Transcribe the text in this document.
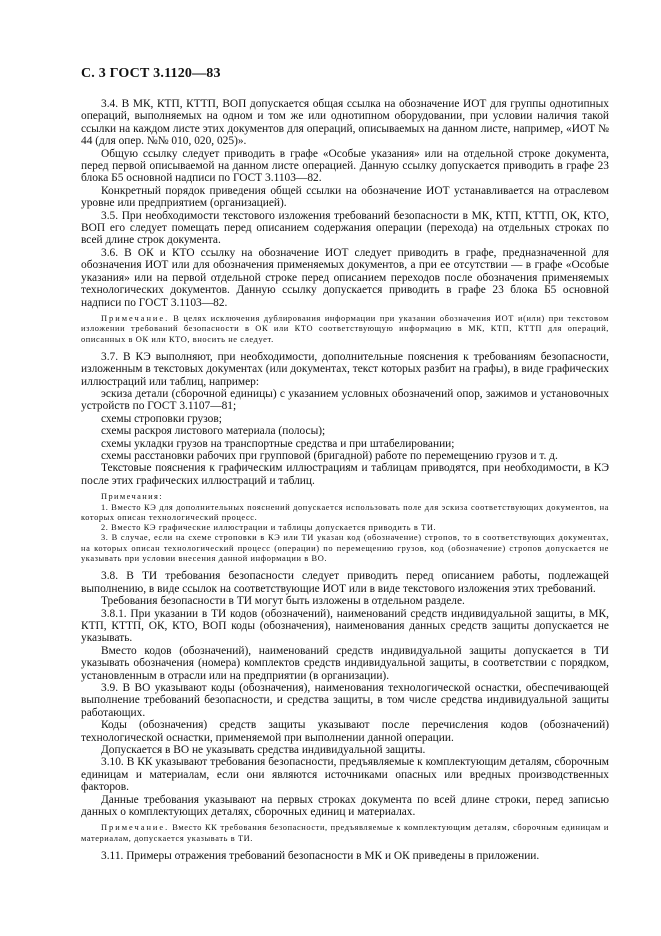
С. 3 ГОСТ 3.1120—83

3.4. В МК, КТП, КТТП, ВОП допускается общая ссылка на обозначение ИОТ для группы однотипных операций, выполняемых на одном и том же или однотипном оборудовании, при условии наличия такой ссылки на каждом листе этих документов для операций, описываемых на данном листе, например, «ИОТ № 44 (для опер. №№ 010, 020, 025)».

Общую ссылку следует приводить в графе «Особые указания» или на отдельной строке документа, перед первой описываемой на данном листе операцией. Данную ссылку допускается приводить в графе 23 блока Б5 основной надписи по ГОСТ 3.1103—82.

Конкретный порядок приведения общей ссылки на обозначение ИОТ устанавливается на отраслевом уровне или предприятием (организацией).

3.5. При необходимости текстового изложения требований безопасности в МК, КТП, КТТП, ОК, КТО, ВОП его следует помещать перед описанием содержания операции (перехода) на отдельных строках по всей длине строк документа.

3.6. В ОК и КТО ссылку на обозначение ИОТ следует приводить в графе, предназначенной для обозначения ИОТ или для обозначения применяемых документов, а при ее отсутствии — в графе «Особые указания» или на первой отдельной строке перед описанием переходов после обозначения применяемых технологических документов. Данную ссылку допускается приводить в графе 23 блока Б5 основной надписи по ГОСТ 3.1103—82.

Примечание. В целях исключения дублирования информации при указании обозначения ИОТ и(или) при текстовом изложении требований безопасности в ОК или КТО соответствующую информацию в МК, КТП, КТТП для операций, описанных в ОК или КТО, вносить не следует.

3.7. В КЭ выполняют, при необходимости, дополнительные пояснения к требованиям безопасности, изложенным в текстовых документах (или документах, текст которых разбит на графы), в виде графических иллюстраций или таблиц, например:

эскиза детали (сборочной единицы) с указанием условных обозначений опор, зажимов и установочных устройств по ГОСТ 3.1107—81;

схемы строповки грузов;

схемы раскроя листового материала (полосы);

схемы укладки грузов на транспортные средства и при штабелировании;

схемы расстановки рабочих при групповой (бригадной) работе по перемещению грузов и т. д.

Текстовые пояснения к графическим иллюстрациям и таблицам приводятся, при необходимости, в КЭ после этих графических иллюстраций и таблиц.

Примечания:

1. Вместо КЭ для дополнительных пояснений допускается использовать поле для эскиза соответствующих документов, на которых описан технологический процесс.

2. Вместо КЭ графические иллюстрации и таблицы допускается приводить в ТИ.

3. В случае, если на схеме строповки в КЭ или ТИ указан код (обозначение) стропов, то в соответствующих документах, на которых описан технологический процесс (операции) по перемещению грузов, код (обозначение) стропов допускается не указывать при условии внесения данной информации в ВО.

3.8. В ТИ требования безопасности следует приводить перед описанием работы, подлежащей выполнению, в виде ссылок на соответствующие ИОТ или в виде текстового изложения этих требований.

Требования безопасности в ТИ могут быть изложены в отдельном разделе.

3.8.1. При указании в ТИ кодов (обозначений), наименований средств индивидуальной защиты, в МК, КТП, КТТП, ОК, КТО, ВОП коды (обозначения), наименования данных средств защиты допускается не указывать.

Вместо кодов (обозначений), наименований средств индивидуальной защиты допускается в ТИ указывать обозначения (номера) комплектов средств индивидуальной защиты, в соответствии с порядком, установленным в отрасли или на предприятии (в организации).

3.9. В ВО указывают коды (обозначения), наименования технологической оснастки, обеспечивающей выполнение требований безопасности, и средства защиты, в том числе средства индивидуальной защиты работающих.

Коды (обозначения) средств защиты указывают после перечисления кодов (обозначений) технологической оснастки, применяемой при выполнении данной операции.

Допускается в ВО не указывать средства индивидуальной защиты.

3.10. В КК указывают требования безопасности, предъявляемые к комплектующим деталям, сборочным единицам и материалам, если они являются источниками опасных или вредных производственных факторов.

Данные требования указывают на первых строках документа по всей длине строки, перед записью данных о комплектующих деталях, сборочных единиц и материалах.

Примечание. Вместо КК требования безопасности, предъявляемые к комплектующим деталям, сборочным единицам и материалам, допускается указывать в ТИ.

3.11. Примеры отражения требований безопасности в МК и ОК приведены в приложении.
